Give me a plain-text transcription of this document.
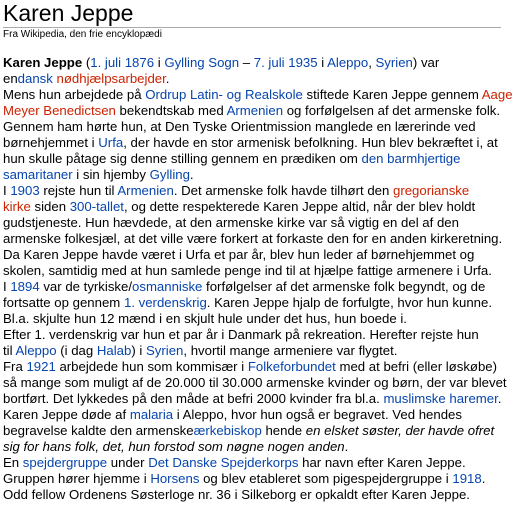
Karen Jeppe
Fra Wikipedia, den frie encyklopædi
Karen Jeppe (1. juli 1876 i Gylling Sogn – 7. juli 1935 i Aleppo, Syrien) var
endansk nødhjælpsarbejder.
Mens hun arbejdede på Ordrup Latin- og Realskole stiftede Karen Jeppe gennem Aage
Meyer Benedictsen bekendtskab med Armenien og forfølgelsen af det armenske folk.
Gennem ham hørte hun, at Den Tyske Orientmission manglede en lærerinde ved
børnehjemmet i Urfa, der havde en stor armenisk befolkning. Hun blev bekræftet i, at
hun skulle påtage sig denne stilling gennem en prædiken om den barmhjertige
samaritaner i sin hjemby Gylling.
I 1903 rejste hun til Armenien. Det armenske folk havde tilhørt den gregorianske
kirke siden 300-tallet, og dette respekterede Karen Jeppe altid, når der blev holdt
gudstjeneste. Hun hævdede, at den armenske kirke var så vigtig en del af den
armenske folkesjæl, at det ville være forkert at forkaste den for en anden kirkeretning.
Da Karen Jeppe havde været i Urfa et par år, blev hun leder af børnehjemmet og
skolen, samtidig med at hun samlede penge ind til at hjælpe fattige armenere i Urfa.
I 1894 var de tyrkiske/osmanniske forfølgelser af det armenske folk begyndt, og de
fortsatte op gennem 1. verdenskrig. Karen Jeppe hjalp de forfulgte, hvor hun kunne.
Bl.a. skjulte hun 12 mænd i en skjult hule under det hus, hun boede i.
Efter 1. verdenskrig var hun et par år i Danmark på rekreation. Herefter rejste hun
til Aleppo (i dag Halab) i Syrien, hvortil mange armeniere var flygtet.
Fra 1921 arbejdede hun som kommisær i Folkeforbundet med at befri (eller løskøbe)
så mange som muligt af de 20.000 til 30.000 armenske kvinder og børn, der var blevet
bortført. Det lykkedes på den måde at befri 2000 kvinder fra bl.a. muslimske haremer.
Karen Jeppe døde af malaria i Aleppo, hvor hun også er begravet. Ved hendes
begravelse kaldte den armenskeærkebiskop hende en elsket søster, der havde ofret
sig for hans folk, det, hun forstod som nøgne nogen anden.
En spejdergruppe under Det Danske Spejderkorps har navn efter Karen Jeppe.
Gruppen hører hjemme i Horsens og blev etableret som pigespejdergruppe i 1918.
Odd fellow Ordenens Søsterloge nr. 36 i Silkeborg er opkaldt efter Karen Jeppe.
